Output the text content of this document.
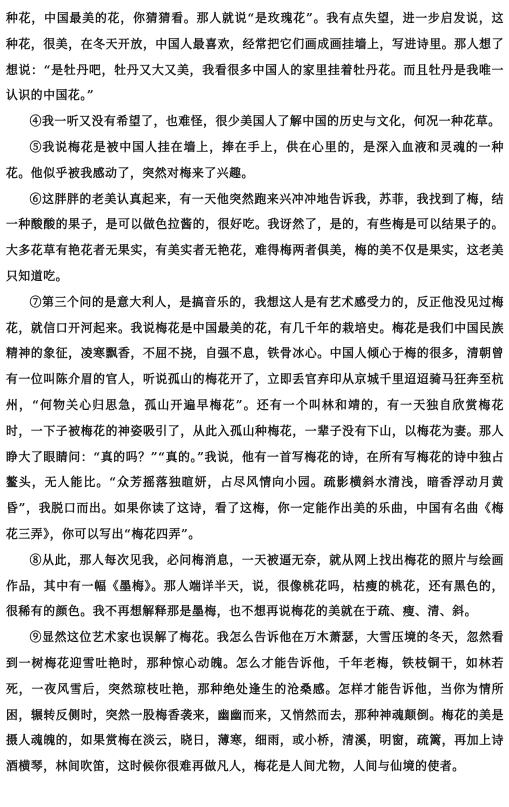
种花，中国最美的花，你猜猜看。那人就说“是玫瑰花”。我有点失望，进一步启发说，这种花，很美，在冬天开放，中国人最喜欢，经常把它们画成画挂墙上，写进诗里。那人想了想说：“是牡丹吧，牡丹又大又美，我看很多中国人的家里挂着牡丹花。而且牡丹是我唯一认识的中国花。”

④我一听又没有希望了，也难怪，很少美国人了解中国的历史与文化，何况一种花草。

⑤我说梅花是被中国人挂在墙上，捧在手上，供在心里的，是深入血液和灵魂的一种花。他似乎被我感动了，突然对梅来了兴趣。

⑥这胖胖的老美认真起来，有一天他突然跑来兴冲冲地告诉我，苏菲，我找到了梅，结一种酸酸的果子，是可以做色拉酱的，很好吃。我讶然了，是的，有些梅是可以结果子的。大多花草有艳花者无果实，有美实者无艳花，难得梅两者俱美，梅的美不仅是果实，这老美只知道吃。

⑦第三个问的是意大利人，是搞音乐的，我想这人是有艺术感受力的，反正他没见过梅花，就信口开河起来。我说梅花是中国最美的花，有几千年的栽培史。梅花是我们中国民族精神的象征，凌寒飘香，不屈不挠，自强不息，铁骨冰心。中国人倾心于梅的很多，清朝曾有一位叫陈介眉的官人，听说孤山的梅花开了，立即丢官弃印从京城千里迢迢骑马狂奔至杭州，“何物关心归思急，孤山开遍早梅花”。还有一个叫林和靖的，有一天独自欣赏梅花时，一下子被梅花的神姿吸引了，从此入孤山种梅花，一辈子没有下山，以梅花为妻。那人睁大了眼睛问：“真的吗？”“真的。”我说，他有一首写梅花的诗，在所有写梅花的诗中独占鳌头，无人能比。“众芳摇落独暄妍，占尽风情向小园。疏影横斜水清浅，暗香浮动月黄昏”，我脱口而出。如果你读了这诗，看了这梅，你一定能作出美的乐曲，中国有名曲《梅花三弄》，你可以写出“梅花四弄”。

⑧从此，那人每次见我，必问梅消息，一天被逼无奈，就从网上找出梅花的照片与绘画作品，其中有一幅《墨梅》。那人端详半天，说，很像桃花吗，枯瘦的桃花，还有黑色的，很稀有的颜色。我不再想解释那是墨梅，也不想再说梅花的美就在于疏、瘦、清、斜。

⑨显然这位艺术家也误解了梅花。我怎么告诉他在万木萧瑟，大雪压境的冬天，忽然看到一树梅花迎雪吐艳时，那种惊心动魄。怎么才能告诉他，千年老梅，铁枝铜干，如林若死，一夜风雪后，突然琼枝吐艳，那种绝处逢生的沧桑感。怎样才能告诉他，当你为情所困，辗转反侧时，突然一股梅香袭来，幽幽而来，又悄然而去，那种神魂颠倒。梅花的美是摄人魂魄的，如果赏梅在淡云，晓日，薄寒，细雨，或小桥，清溪，明窗，疏篱，再加上诗酒横琴，林间吹笛，这时候你很难再做凡人，梅花是人间尤物，人间与仙境的使者。
